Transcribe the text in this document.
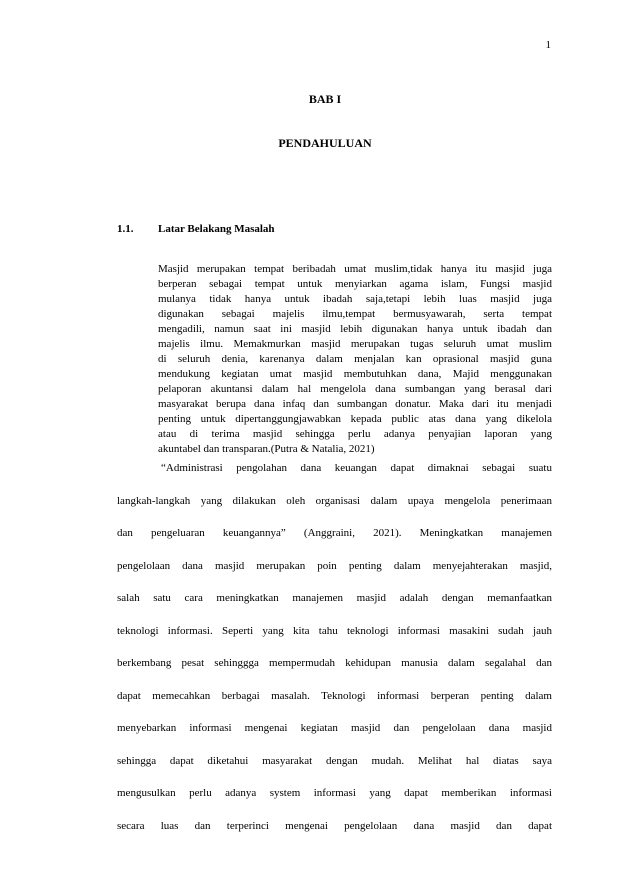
1
BAB I
PENDAHULUAN
1.1. Latar Belakang Masalah
Masjid merupakan tempat beribadah umat muslim,tidak hanya itu masjid juga
berperan sebagai tempat untuk menyiarkan agama islam, Fungsi masjid
mulanya tidak hanya untuk ibadah saja,tetapi lebih luas masjid juga
digunakan sebagai majelis ilmu,tempat bermusyawarah, serta tempat
mengadili, namun saat ini masjid lebih digunakan hanya untuk ibadah dan
majelis ilmu. Memakmurkan masjid merupakan tugas seluruh umat muslim
di seluruh denia, karenanya dalam menjalan kan oprasional masjid guna
mendukung kegiatan umat masjid membutuhkan dana, Majid menggunakan
pelaporan akuntansi dalam hal mengelola dana sumbangan yang berasal dari
masyarakat berupa dana infaq dan sumbangan donatur. Maka dari itu menjadi
penting untuk dipertanggungjawabkan kepada public atas dana yang dikelola
atau di terima masjid sehingga perlu adanya penyajian laporan yang
akuntabel dan transparan.(Putra & Natalia, 2021)
“Administrasi pengolahan dana keuangan dapat dimaknai sebagai suatu
langkah-langkah yang dilakukan oleh organisasi dalam upaya mengelola penerimaan
dan pengeluaran keuangannya” (Anggraini, 2021). Meningkatkan manajemen
pengelolaan dana masjid merupakan poin penting dalam menyejahterakan masjid,
salah satu cara meningkatkan manajemen masjid adalah dengan memanfaatkan
teknologi informasi. Seperti yang kita tahu teknologi informasi masakini sudah jauh
berkembang pesat sehinggga mempermudah kehidupan manusia dalam segalahal dan
dapat memecahkan berbagai masalah. Teknologi informasi berperan penting dalam
menyebarkan informasi mengenai kegiatan masjid dan pengelolaan dana masjid
sehingga dapat diketahui masyarakat dengan mudah. Melihat hal diatas saya
mengusulkan perlu adanya system informasi yang dapat memberikan informasi
secara luas dan terperinci mengenai pengelolaan dana masjid dan dapat
